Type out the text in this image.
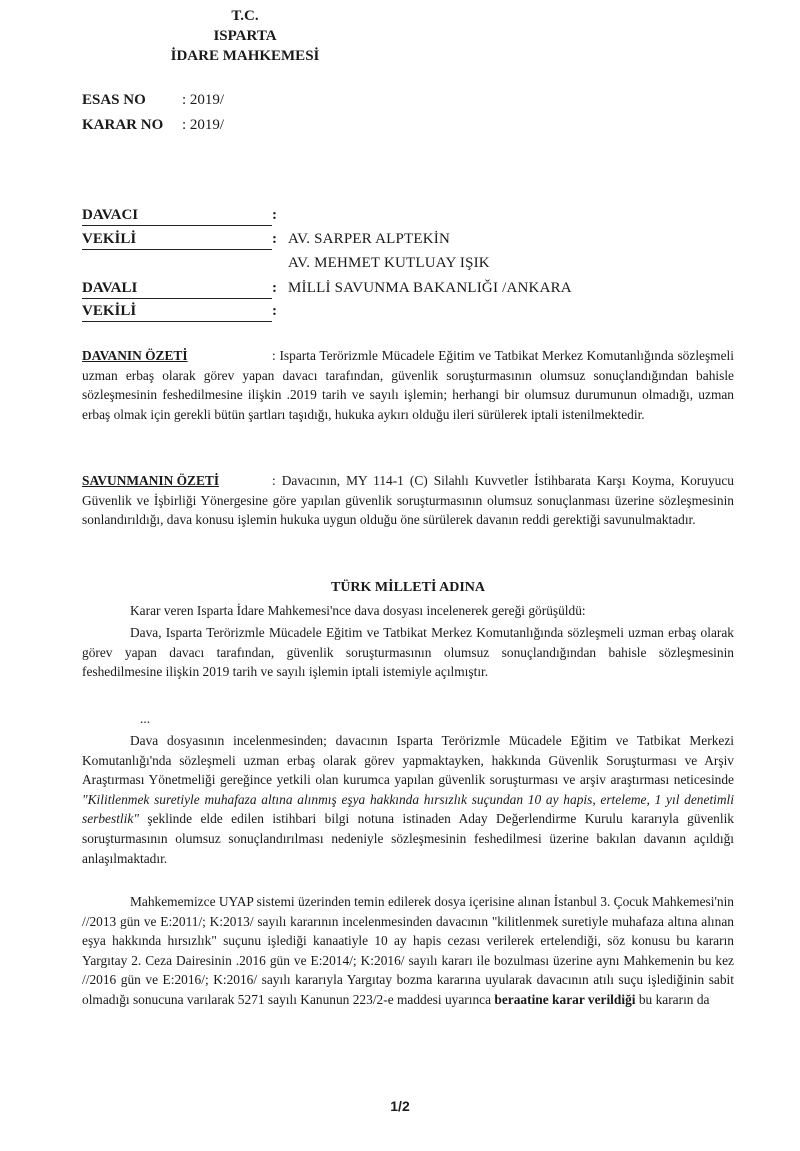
T.C.
ISPARTA
İDARE MAHKEMESİ
ESAS NO : 2019/
KARAR NO : 2019/
DAVACI	:
VEKİLİ	: AV. SARPER ALPTEKİN
AV. MEHMET KUTLUAY IŞIK
DAVALI	: MİLLİ SAVUNMA BAKANLIĞI /ANKARA
VEKİLİ	:
DAVANIN ÖZETİ	: Isparta Terörizmle Mücadele Eğitim ve Tatbikat Merkez Komutanlığında sözleşmeli uzman erbaş olarak görev yapan davacı tarafından, güvenlik soruşturmasının olumsuz sonuçlandığından bahisle sözleşmesinin feshedilmesine ilişkin .2019 tarih ve sayılı işlemin; herhangi bir olumsuz durumunun olmadığı, uzman erbaş olmak için gerekli bütün şartları taşıdığı, hukuka aykırı olduğu ileri sürülerek iptali istenilmektedir.
SAVUNMANIN ÖZETİ	: Davacının, MY 114-1 (C) Silahlı Kuvvetler İstihbarata Karşı Koyma, Koruyucu Güvenlik ve İşbirliği Yönergesine göre yapılan güvenlik soruşturmasının olumsuz sonuçlanması üzerine sözleşmesinin sonlandırıldığı, dava konusu işlemin hukuka uygun olduğu öne sürülerek davanın reddi gerektiği savunulmaktadır.
TÜRK MİLLETİ ADINA
Karar veren Isparta İdare Mahkemesi'nce dava dosyası incelenerek gereği görüşüldü:
Dava, Isparta Terörizmle Mücadele Eğitim ve Tatbikat Merkez Komutanlığında sözleşmeli uzman erbaş olarak görev yapan davacı tarafından, güvenlik soruşturmasının olumsuz sonuçlandığından bahisle sözleşmesinin feshedilmesine ilişkin 2019 tarih ve sayılı işlemin iptali istemiyle açılmıştır.
...
Dava dosyasının incelenmesinden; davacının Isparta Terörizmle Mücadele Eğitim ve Tatbikat Merkezi Komutanlığı'nda sözleşmeli uzman erbaş olarak görev yapmaktayken, hakkında Güvenlik Soruşturması ve Arşiv Araştırması Yönetmeliği gereğince yetkili olan kurumca yapılan güvenlik soruşturması ve arşiv araştırması neticesinde "Kilitlenmek suretiyle muhafaza altına alınmış eşya hakkında hırsızlık suçundan 10 ay hapis, erteleme, 1 yıl denetimli serbestlik" şeklinde elde edilen istihbari bilgi notuna istinaden Aday Değerlendirme Kurulu kararıyla güvenlik soruşturmasının olumsuz sonuçlandırılması nedeniyle sözleşmesinin feshedilmesi üzerine bakılan davanın açıldığı anlaşılmaktadır.
Mahkememizce UYAP sistemi üzerinden temin edilerek dosya içerisine alınan İstanbul 3. Çocuk Mahkemesi'nin //2013 gün ve E:2011/; K:2013/ sayılı kararının incelenmesinden davacının "kilitlenmek suretiyle muhafaza altına alınan eşya hakkında hırsızlık" suçunu işlediği kanaatiyle 10 ay hapis cezası verilerek ertelendiği, söz konusu bu kararın Yargıtay 2. Ceza Dairesinin .2016 gün ve E:2014/; K:2016/ sayılı kararı ile bozulması üzerine aynı Mahkemenin bu kez //2016 gün ve E:2016/; K:2016/ sayılı kararıyla Yargıtay bozma kararına uyularak davacının atılı suçu işlediğinin sabit olmadığı sonucuna varılarak 5271 sayılı Kanunun 223/2-e maddesi uyarınca beraatine karar verildiği bu kararın da
1/2
